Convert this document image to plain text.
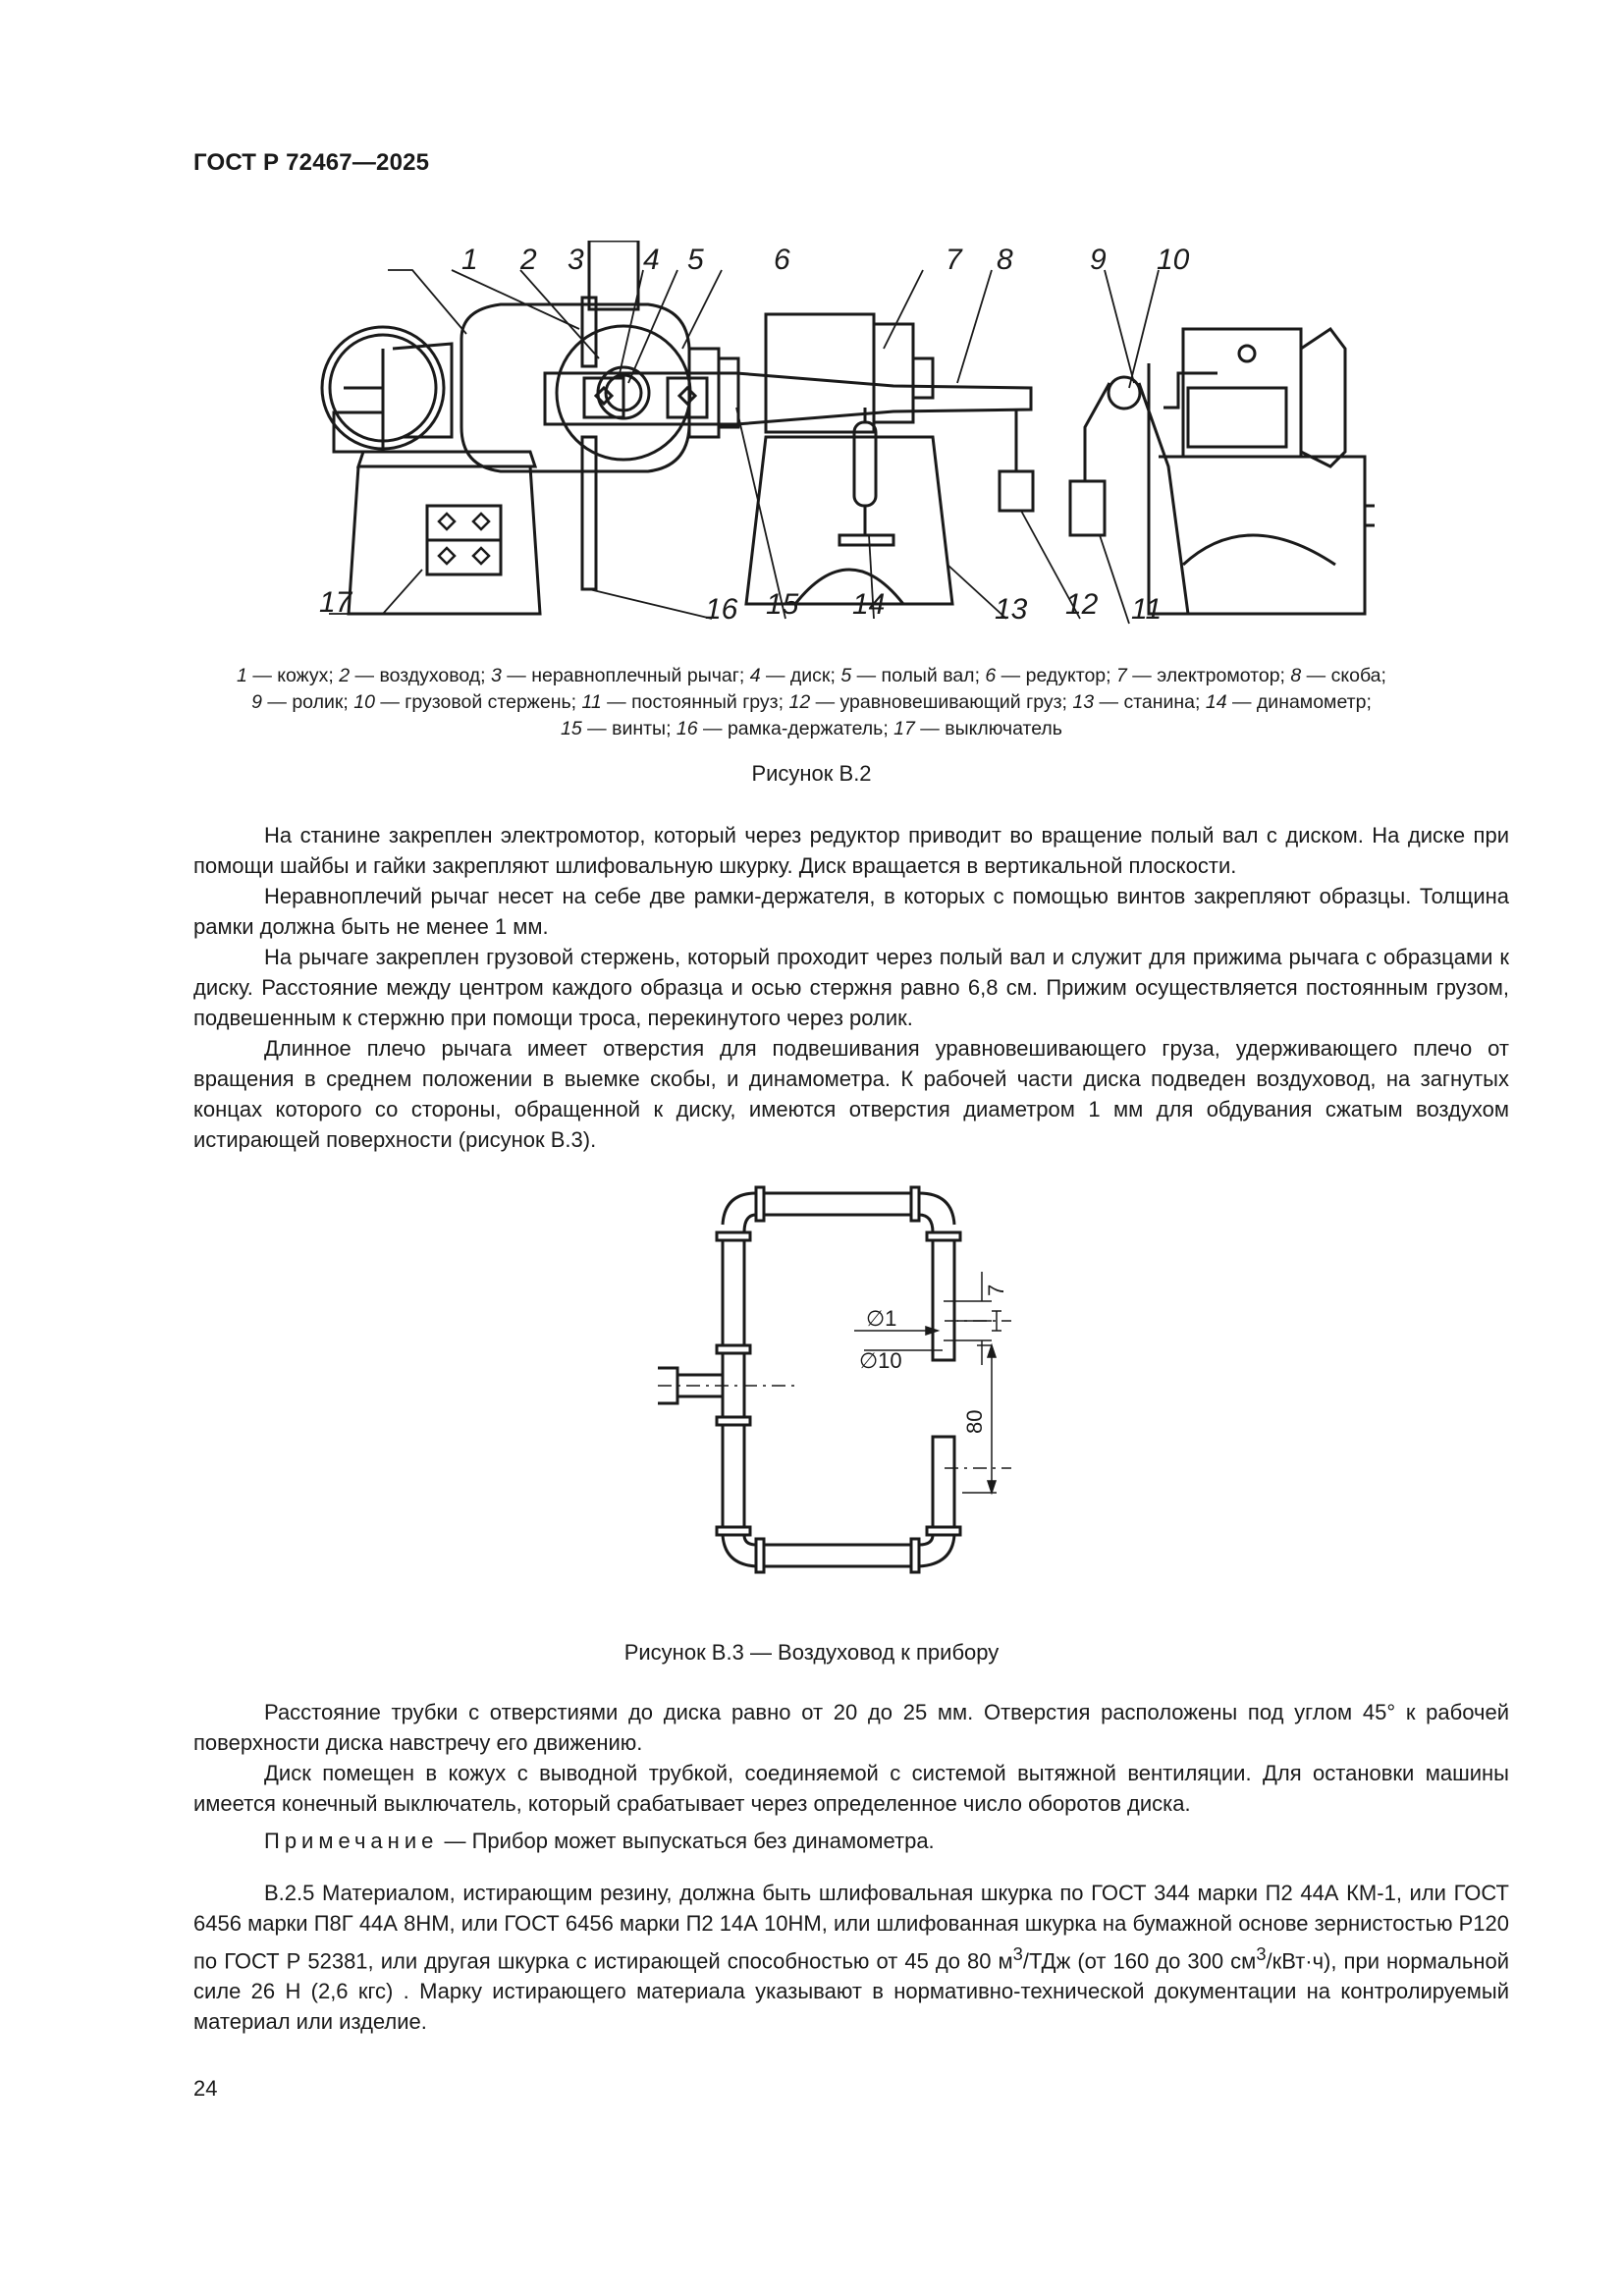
ГОСТ Р 72467—2025
1 2 3 4 5 6	7 8	9 10
11
12
13
14
15
16
17
1 — кожух; 2 — воздуховод; 3 — неравноплечный рычаг; 4 — диск; 5 — полый вал; 6 — редуктор; 7 — электромотор; 8 — скоба;
9 — ролик; 10 — грузовой стержень; 11 — постоянный груз; 12 — уравновешивающий груз; 13 — станина; 14 — динамометр;
15 — винты; 16 — рамка-держатель; 17 — выключатель
Рисунок В.2

На станине закреплен электромотор, который через редуктор приводит во вращение полый вал с диском. На диске при помощи шайбы и гайки закрепляют шлифовальную шкурку. Диск вращается в вертикальной плоскости.

Неравноплечий рычаг несет на себе две рамки-держателя, в которых с помощью винтов закрепляют образцы. Толщина рамки должна быть не менее 1 мм.

На рычаге закреплен грузовой стержень, который проходит через полый вал и служит для прижима рычага с образцами к диску. Расстояние между центром каждого образца и осью стержня равно 6,8 см. Прижим осуществляется постоянным грузом, подвешенным к стержню при помощи троса, перекинутого через ролик.

Длинное плечо рычага имеет отверстия для подвешивания уравновешивающего груза, удерживающего плечо от вращения в среднем положении в выемке скобы, и динамометра. К рабочей части диска подведен воздуховод, на загнутых концах которого со стороны, обращенной к диску, имеются отверстия диаметром 1 мм для обдувания сжатым воздухом истирающей поверхности (рисунок В.3).

∅1
∅10
7
80
Рисунок В.3 — Воздуховод к прибору

Расстояние трубки с отверстиями до диска равно от 20 до 25 мм. Отверстия расположены под углом 45° к рабочей поверхности диска навстречу его движению.

Диск помещен в кожух с выводной трубкой, соединяемой с системой вытяжной вентиляции. Для остановки машины имеется конечный выключатель, который срабатывает через определенное число оборотов диска.

Примечание — Прибор может выпускаться без динамометра.

В.2.5 Материалом, истирающим резину, должна быть шлифовальная шкурка по ГОСТ 344 марки П2 44А КМ-1, или ГОСТ 6456 марки П8Г 44А 8НМ, или ГОСТ 6456 марки П2 14А 10НМ, или шлифованная шкурка на бумажной основе зернистостью Р120 по ГОСТ Р 52381, или другая шкурка с истирающей способностью от 45 до 80 $м^3$/ТДж (от 160 до 300 $см^3/кВт\cdot ч$), при нормальной силе 26 Н (2,6 кгс) . Марку истирающего материала указывают в нормативно-технической документации на контролируемый материал или изделие.

24
